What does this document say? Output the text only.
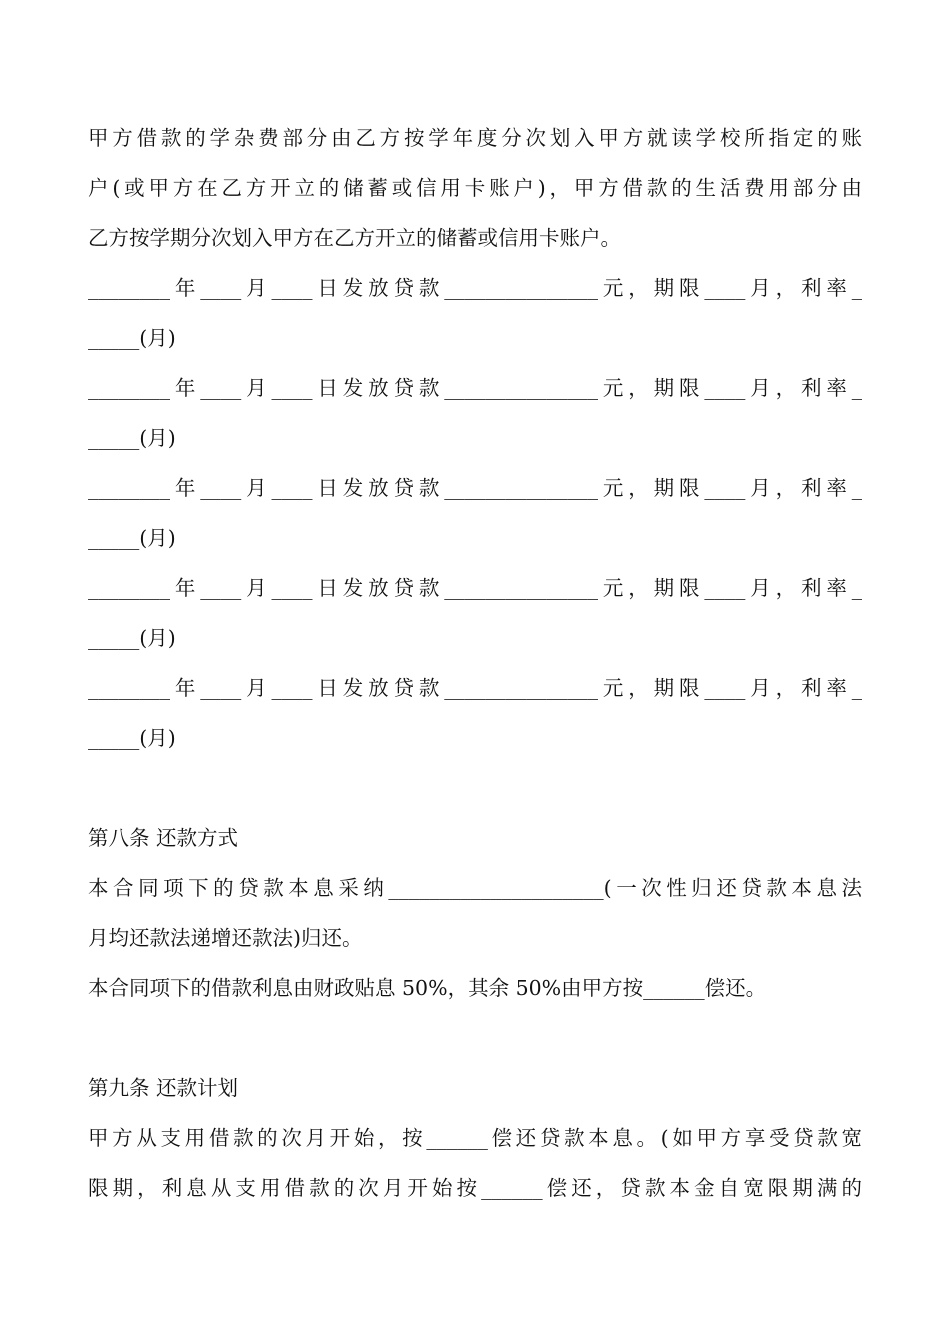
甲方借款的学杂费部分由乙方按学年度分次划入甲方就读学校所指定的账

户(或甲方在乙方开立的储蓄或信用卡账户)，甲方借款的生活费用部分由

乙方按学期分次划入甲方在乙方开立的储蓄或信用卡账户。

________年____月____日发放贷款_______________元，期限____月，利率_

_____(月)

________年____月____日发放贷款_______________元，期限____月，利率_

_____(月)

________年____月____日发放贷款_______________元，期限____月，利率_

_____(月)

________年____月____日发放贷款_______________元，期限____月，利率_

_____(月)

________年____月____日发放贷款_______________元，期限____月，利率_

_____(月)

第八条 还款方式

本合同项下的贷款本息采纳_____________________(一次性归还贷款本息法

月均还款法递增还款法)归还。

本合同项下的借款利息由财政贴息 50%，其余 50%由甲方按______偿还。

第九条 还款计划

甲方从支用借款的次月开始，按______偿还贷款本息。(如甲方享受贷款宽

限期，利息从支用借款的次月开始按______偿还，贷款本金自宽限期满的
